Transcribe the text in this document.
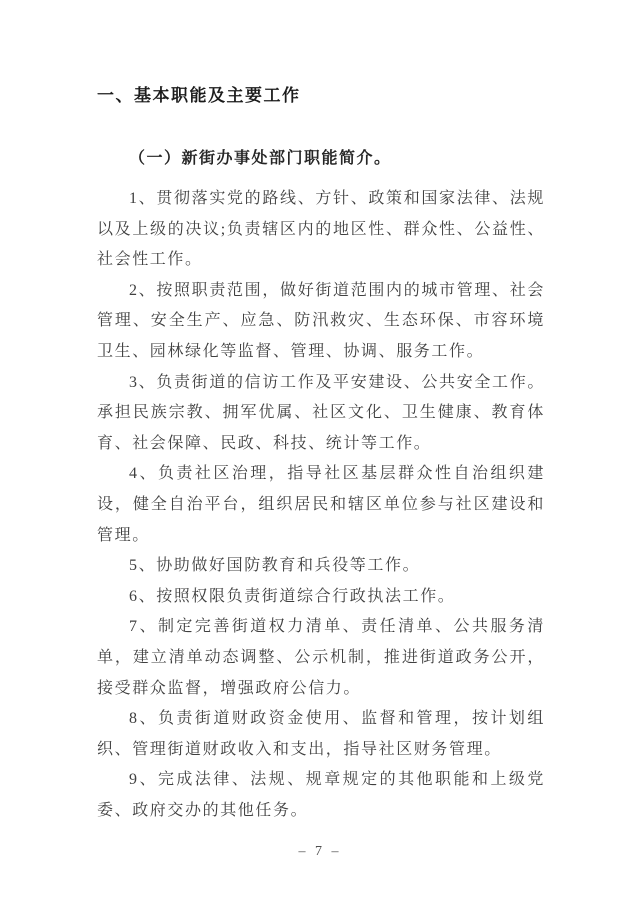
一、基本职能及主要工作
（一）新街办事处部门职能简介。

1、贯彻落实党的路线、方针、政策和国家法律、法规以及上级的决议;负责辖区内的地区性、群众性、公益性、社会性工作。

2、按照职责范围，做好街道范围内的城市管理、社会管理、安全生产、应急、防汛救灾、生态环保、市容环境卫生、园林绿化等监督、管理、协调、服务工作。

3、负责街道的信访工作及平安建设、公共安全工作。承担民族宗教、拥军优属、社区文化、卫生健康、教育体育、社会保障、民政、科技、统计等工作。

4、负责社区治理，指导社区基层群众性自治组织建设，健全自治平台，组织居民和辖区单位参与社区建设和管理。

5、协助做好国防教育和兵役等工作。

6、按照权限负责街道综合行政执法工作。

7、制定完善街道权力清单、责任清单、公共服务清单，建立清单动态调整、公示机制，推进街道政务公开，接受群众监督，增强政府公信力。

8、负责街道财政资金使用、监督和管理，按计划组织、管理街道财政收入和支出，指导社区财务管理。

9、完成法律、法规、规章规定的其他职能和上级党委、政府交办的其他任务。

– 7 –
